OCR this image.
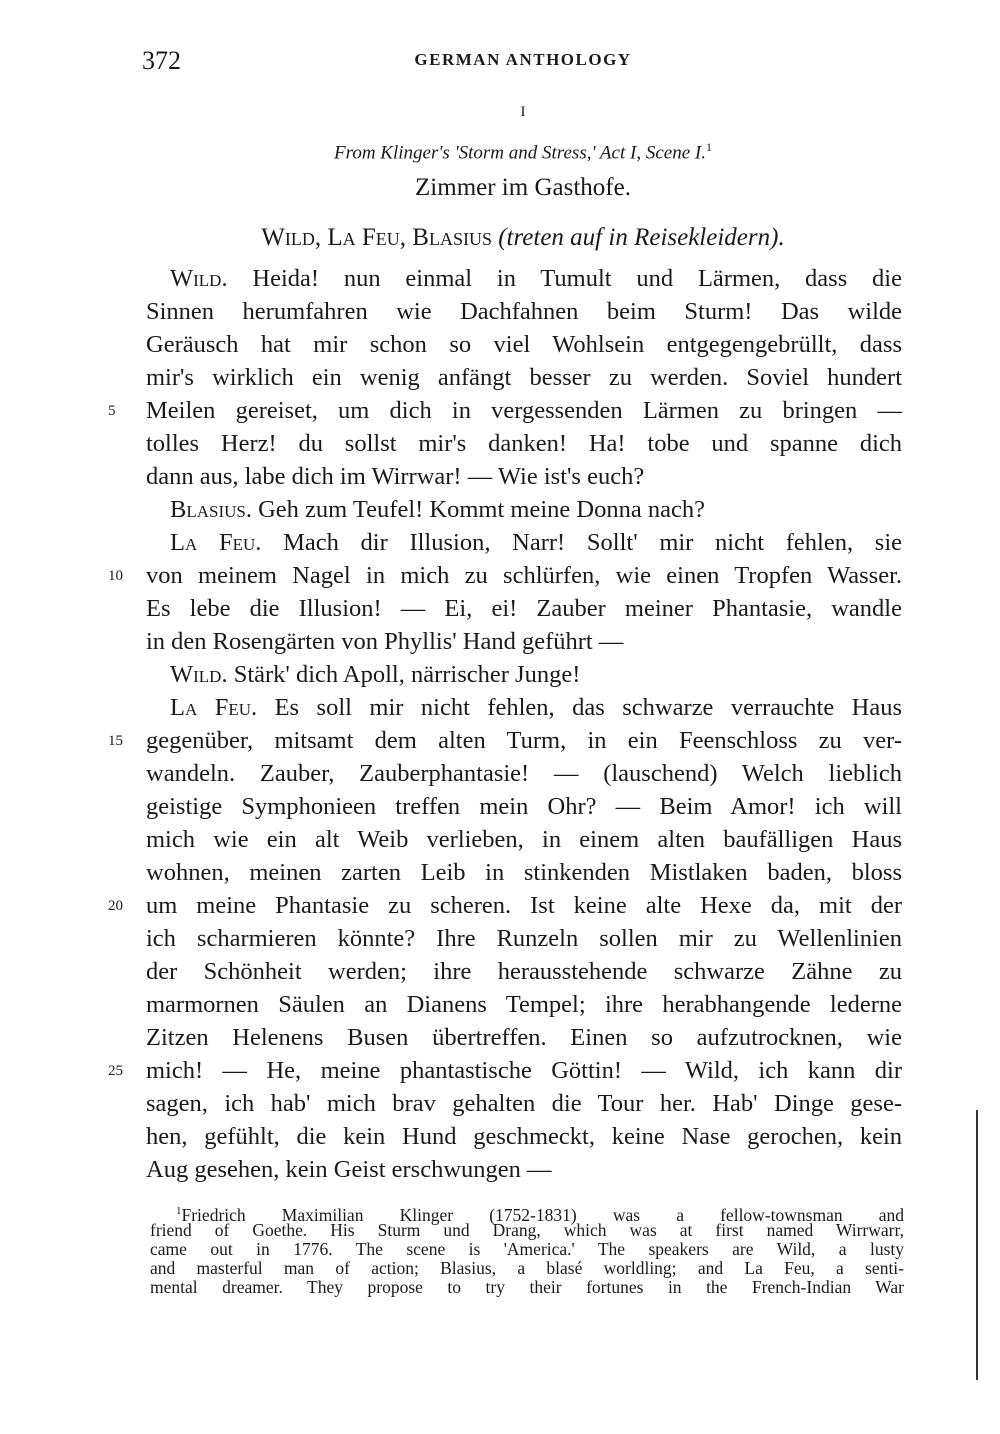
372	GERMAN ANTHOLOGY
I
From Klinger's 'Storm and Stress,' Act I, Scene I.$^1$
Zimmer im Gasthofe.
Wild, La Feu, Blasius (treten auf in Reisekleidern).
Wild. Heida! nun einmal in Tumult und Lärmen, dass die
Sinnen herumfahren wie Dachfahnen beim Sturm! Das wilde
Geräusch hat mir schon so viel Wohlsein entgegengebrüllt, dass
mir's wirklich ein wenig anfängt besser zu werden. Soviel hundert
Meilen gereiset, um dich in vergessenden Lärmen zu bringen —
5
tolles Herz! du sollst mir's danken! Ha! tobe und spanne dich
dann aus, labe dich im Wirrwar! — Wie ist's euch?
Blasius. Geh zum Teufel! Kommt meine Donna nach?
La Feu. Mach dir Illusion, Narr! Sollt' mir nicht fehlen, sie
von meinem Nagel in mich zu schlürfen, wie einen Tropfen Wasser.
10
Es lebe die Illusion! — Ei, ei! Zauber meiner Phantasie, wandle
in den Rosengärten von Phyllis' Hand geführt —
Wild. Stärk' dich Apoll, närrischer Junge!
La Feu. Es soll mir nicht fehlen, das schwarze verrauchte Haus
gegenüber, mitsamt dem alten Turm, in ein Feenschloss zu ver-
15
wandeln. Zauber, Zauberphantasie! — (lauschend) Welch lieblich
geistige Symphonieen treffen mein Ohr? — Beim Amor! ich will
mich wie ein alt Weib verlieben, in einem alten baufälligen Haus
wohnen, meinen zarten Leib in stinkenden Mistlaken baden, bloss
um meine Phantasie zu scheren. Ist keine alte Hexe da, mit der
20
ich scharmieren könnte? Ihre Runzeln sollen mir zu Wellenlinien
der Schönheit werden; ihre herausstehende schwarze Zähne zu
marmornen Säulen an Dianens Tempel; ihre herabhangende lederne
Zitzen Helenens Busen übertreffen. Einen so aufzutrocknen, wie
mich! — He, meine phantastische Göttin! — Wild, ich kann dir
25
sagen, ich hab' mich brav gehalten die Tour her. Hab' Dinge gese-
hen, gefühlt, die kein Hund geschmeckt, keine Nase gerochen, kein
Aug gesehen, kein Geist erschwungen —
$^1$Friedrich Maximilian Klinger (1752-1831) was a fellow-townsman and
friend of Goethe. His Sturm und Drang, which was at first named Wirrwarr,
came out in 1776. The scene is 'America.' The speakers are Wild, a lusty
and masterful man of action; Blasius, a blasé worldling; and La Feu, a senti-
mental dreamer. They propose to try their fortunes in the French-Indian War
